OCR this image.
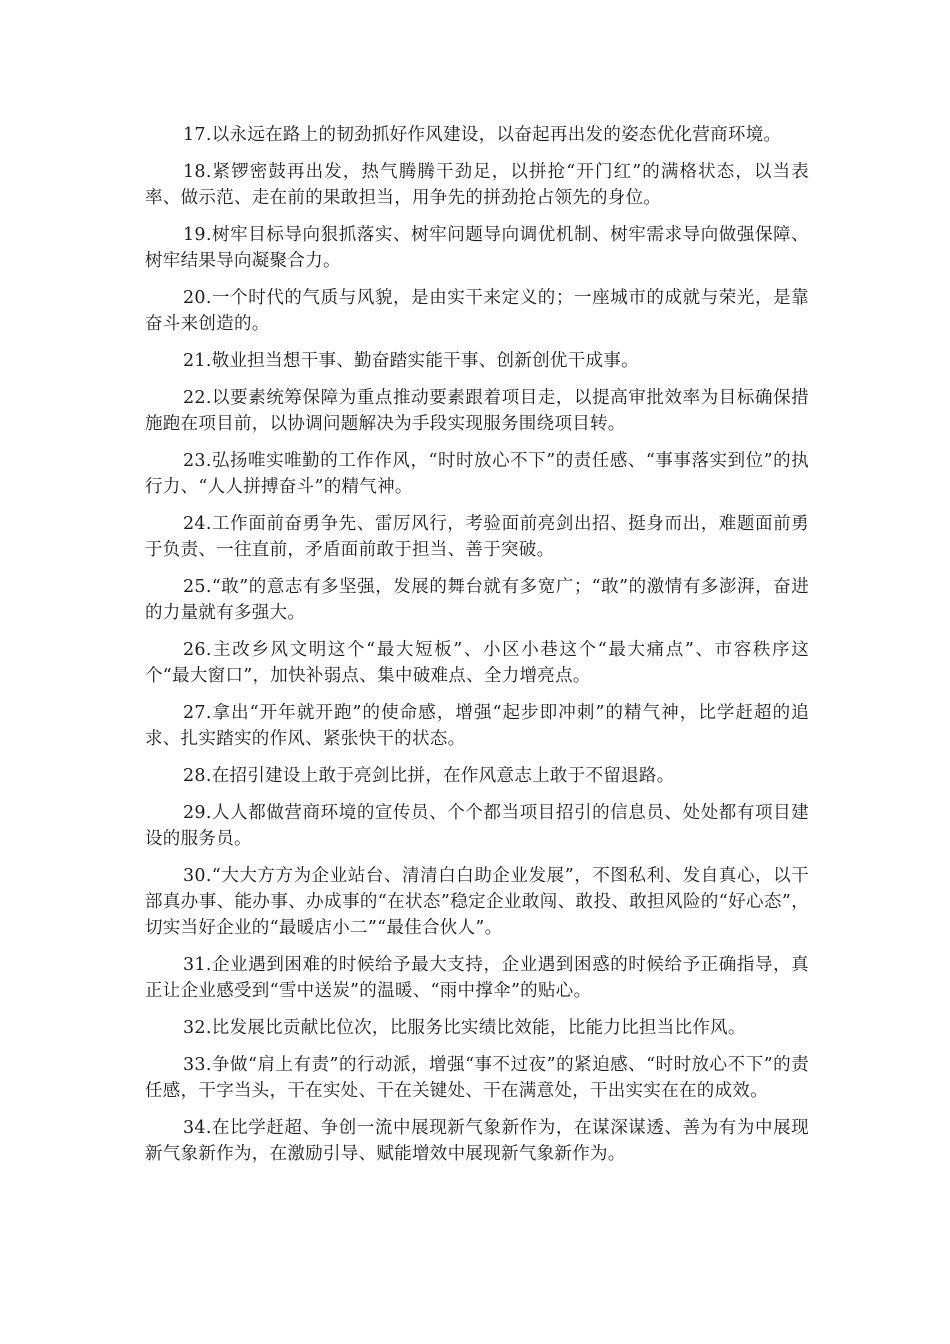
17.以永远在路上的韧劲抓好作风建设，以奋起再出发的姿态优化营商环境。

18.紧锣密鼓再出发，热气腾腾干劲足，以拼抢“开门红”的满格状态，以当表率、做示范、走在前的果敢担当，用争先的拼劲抢占领先的身位。

19.树牢目标导向狠抓落实、树牢问题导向调优机制、树牢需求导向做强保障、树牢结果导向凝聚合力。

20.一个时代的气质与风貌，是由实干来定义的；一座城市的成就与荣光，是靠奋斗来创造的。

21.敬业担当想干事、勤奋踏实能干事、创新创优干成事。

22.以要素统筹保障为重点推动要素跟着项目走，以提高审批效率为目标确保措施跑在项目前，以协调问题解决为手段实现服务围绕项目转。

23.弘扬唯实唯勤的工作作风，“时时放心不下”的责任感、“事事落实到位”的执行力、“人人拼搏奋斗”的精气神。

24.工作面前奋勇争先、雷厉风行，考验面前亮剑出招、挺身而出，难题面前勇于负责、一往直前，矛盾面前敢于担当、善于突破。

25.“敢”的意志有多坚强，发展的舞台就有多宽广；“敢”的激情有多澎湃，奋进的力量就有多强大。

26.主改乡风文明这个“最大短板”、小区小巷这个“最大痛点”、市容秩序这个“最大窗口”，加快补弱点、集中破难点、全力增亮点。

27.拿出“开年就开跑”的使命感，增强“起步即冲刺”的精气神，比学赶超的追求、扎实踏实的作风、紧张快干的状态。

28.在招引建设上敢于亮剑比拼，在作风意志上敢于不留退路。

29.人人都做营商环境的宣传员、个个都当项目招引的信息员、处处都有项目建设的服务员。

30.“大大方方为企业站台、清清白白助企业发展”，不图私利、发自真心，以干部真办事、能办事、办成事的“在状态”稳定企业敢闯、敢投、敢担风险的“好心态”，切实当好企业的“最暖店小二”“最佳合伙人”。

31.企业遇到困难的时候给予最大支持，企业遇到困惑的时候给予正确指导，真正让企业感受到“雪中送炭”的温暖、“雨中撑伞”的贴心。

32.比发展比贡献比位次，比服务比实绩比效能，比能力比担当比作风。

33.争做“肩上有责”的行动派，增强“事不过夜”的紧迫感、“时时放心不下”的责任感，干字当头，干在实处、干在关键处、干在满意处，干出实实在在的成效。

34.在比学赶超、争创一流中展现新气象新作为，在谋深谋透、善为有为中展现新气象新作为，在激励引导、赋能增效中展现新气象新作为。
